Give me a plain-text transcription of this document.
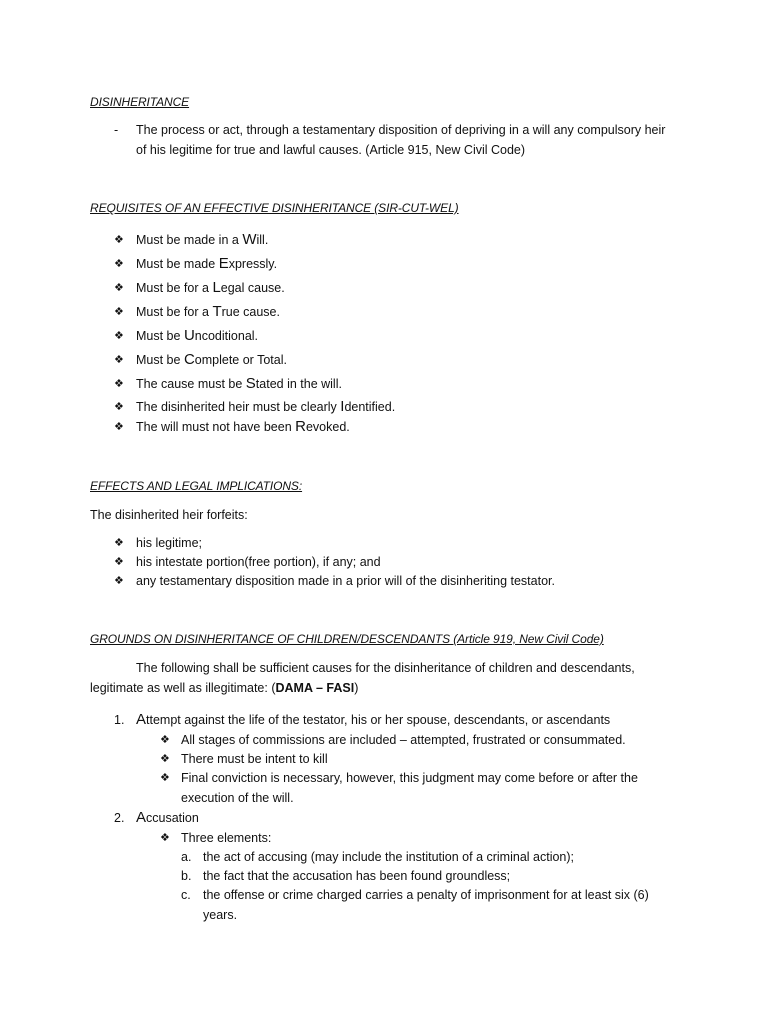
DISINHERITANCE
- The process or act, through a testamentary disposition of depriving in a will any compulsory heir
of his legitime for true and lawful causes. (Article 915, New Civil Code)
REQUISITES OF AN EFFECTIVE DISINHERITANCE (SIR-CUT-WEL)
❖ Must be made in a Will.
❖ Must be made Expressly.
❖ Must be for a Legal cause.
❖ Must be for a True cause.
❖ Must be Uncoditional.
❖ Must be Complete or Total.
❖ The cause must be Stated in the will.
❖ The disinherited heir must be clearly Identified.
❖ The will must not have been Revoked.
EFFECTS AND LEGAL IMPLICATIONS:
The disinherited heir forfeits:
❖ his legitime;
❖ his intestate portion(free portion), if any; and
❖ any testamentary disposition made in a prior will of the disinheriting testator.
GROUNDS ON DISINHERITANCE OF CHILDREN/DESCENDANTS (Article 919, New Civil Code)
The following shall be sufficient causes for the disinheritance of children and descendants,
legitimate as well as illegitimate: (DAMA – FASI)
1. Attempt against the life of the testator, his or her spouse, descendants, or ascendants
❖ All stages of commissions are included – attempted, frustrated or consummated.
❖ There must be intent to kill
❖ Final conviction is necessary, however, this judgment may come before or after the
execution of the will.
2. Accusation
❖ Three elements:
a. the act of accusing (may include the institution of a criminal action);
b. the fact that the accusation has been found groundless;
c. the offense or crime charged carries a penalty of imprisonment for at least six (6)
years.
